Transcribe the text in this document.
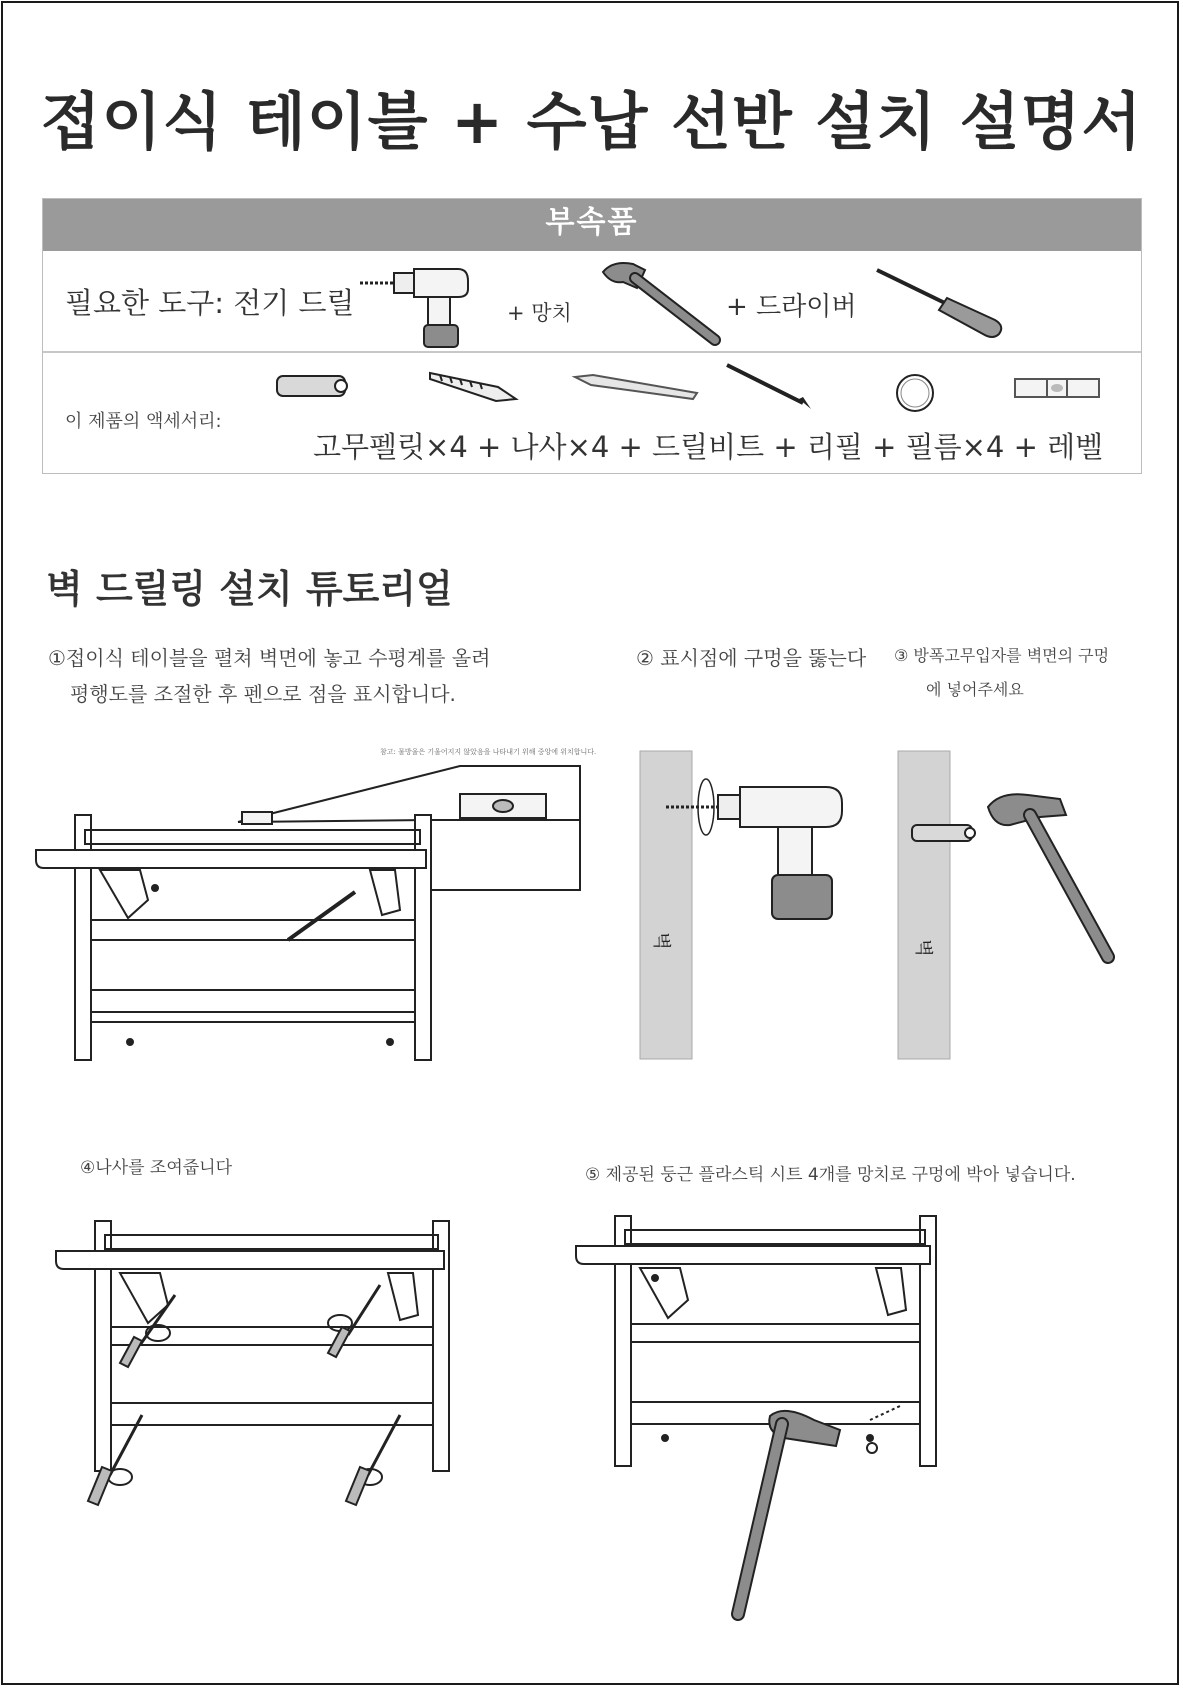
접이식 테이블 + 수납 선반 설치 설명서
부속품
필요한 도구: 전기 드릴	+ 망치	+ 드라이버
이 제품의 액세서리:
고무펠릿×4 + 나사×4 + 드릴비트 + 리필 + 필름×4 + 레벨
벽 드릴링 설치 튜토리얼
①접이식 테이블을 펼쳐 벽면에 놓고 수평계를 올려
평행도를 조절한 후 펜으로 점을 표시합니다.
참고: 물방울은 기울어지지 않았음을 나타내기 위해 중앙에 위치합니다.
② 표시점에 구멍을 뚫는다 ③ 방폭고무입자를 벽면의 구멍
에 넣어주세요
벽	벽
④나사를 조여줍니다	⑤ 제공된 둥근 플라스틱 시트 4개를 망치로 구멍에 박아 넣습니다.
